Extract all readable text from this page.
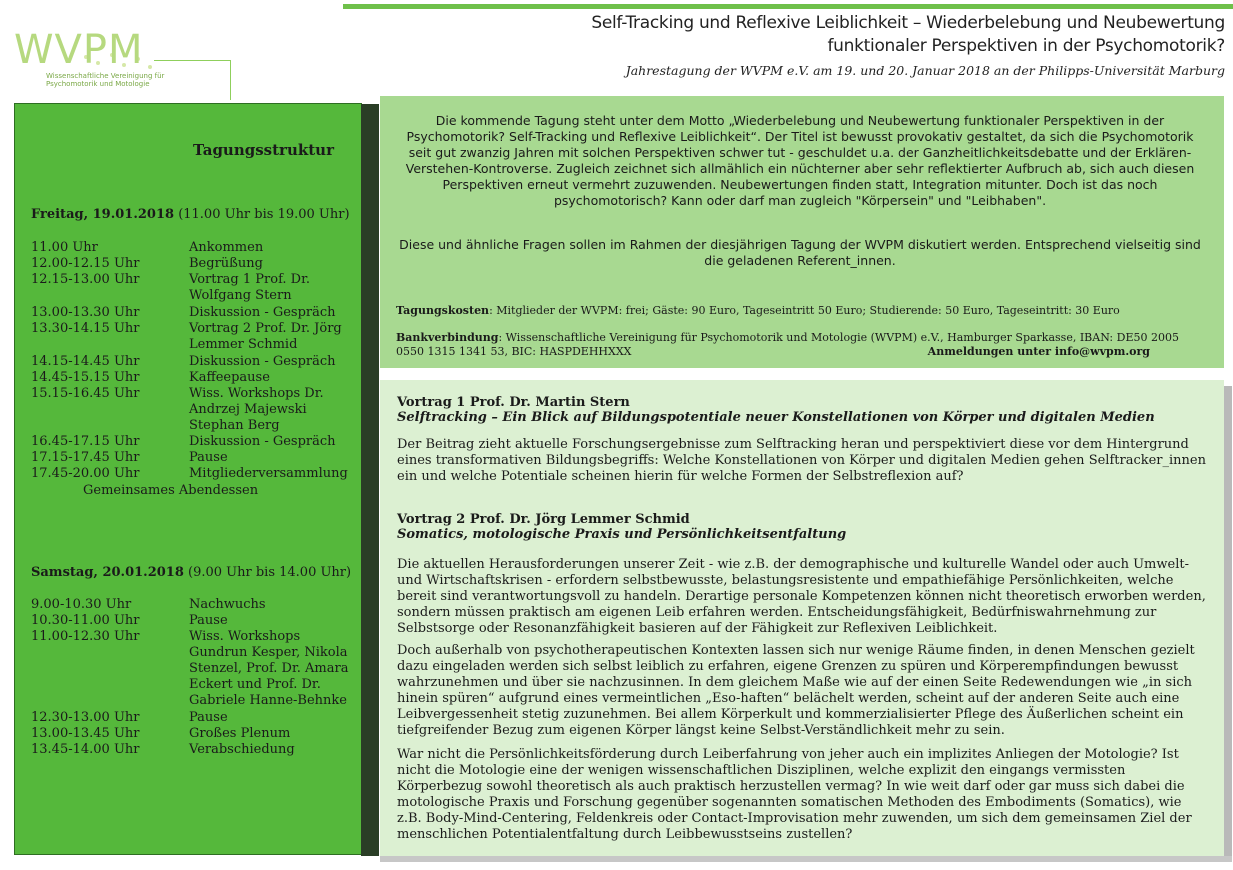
WVPM
Wissenschaftliche Vereinigung für
Psychomotorik und Motologie
Self-Tracking und Reflexive Leiblichkeit – Wiederbelebung und Neubewertung
funktionaler Perspektiven in der Psychomotorik?
Jahrestagung der WVPM e.V. am 19. und 20. Januar 2018 an der Philipps-Universität Marburg
Tagungsstruktur
Freitag, 19.01.2018 (11.00 Uhr bis 19.00 Uhr)
11.00 Uhr	Ankommen
12.00-12.15 Uhr	Begrüßung
12.15-13.00 Uhr	Vortrag 1 Prof. Dr. Wolfgang Stern
13.00-13.30 Uhr	Diskussion - Gespräch
13.30-14.15 Uhr	Vortrag 2 Prof. Dr. Jörg Lemmer Schmid
14.15-14.45 Uhr	Diskussion - Gespräch
14.45-15.15 Uhr	Kaffeepause
15.15-16.45 Uhr	Wiss. Workshops Dr. Andrzej Majewski Stephan Berg
16.45-17.15 Uhr	Diskussion - Gespräch
17.15-17.45 Uhr	Pause
17.45-20.00 Uhr	Mitgliederversammlung
Gemeinsames Abendessen
Samstag, 20.01.2018 (9.00 Uhr bis 14.00 Uhr)
9.00-10.30 Uhr	Nachwuchs
10.30-11.00 Uhr	Pause
11.00-12.30 Uhr	Wiss. Workshops Gundrun Kesper, Nikola Stenzel, Prof. Dr. Amara Eckert und Prof. Dr. Gabriele Hanne-Behnke
12.30-13.00 Uhr	Pause
13.00-13.45 Uhr	Großes Plenum
13.45-14.00 Uhr	Verabschiedung
Die kommende Tagung steht unter dem Motto „Wiederbelebung und Neubewertung funktionaler Perspektiven in der Psychomotorik? Self-Tracking und Reflexive Leiblichkeit“. Der Titel ist bewusst provokativ gestaltet, da sich die Psychomotorik seit gut zwanzig Jahren mit solchen Perspektiven schwer tut - geschuldet u.a. der Ganzheitlichkeitsdebatte und der Erklären-Verstehen-Kontroverse. Zugleich zeichnet sich allmählich ein nüchterner aber sehr reflektierter Aufbruch ab, sich auch diesen Perspektiven erneut vermehrt zuzuwenden. Neubewertungen finden statt, Integration mitunter. Doch ist das noch psychomotorisch? Kann oder darf man zugleich "Körpersein" und "Leibhaben".
Diese und ähnliche Fragen sollen im Rahmen der diesjährigen Tagung der WVPM diskutiert werden. Entsprechend vielseitig sind die geladenen Referent_innen.
Tagungskosten: Mitglieder der WVPM: frei; Gäste: 90 Euro, Tageseintritt 50 Euro; Studierende: 50 Euro, Tageseintritt: 30 Euro
Bankverbindung: Wissenschaftliche Vereinigung für Psychomotorik und Motologie (WVPM) e.V., Hamburger Sparkasse, IBAN: DE50 2005 0550 1315 1341 53, BIC: HASPDEHHXXX	Anmeldungen unter info@wvpm.org
Vortrag 1 Prof. Dr. Martin Stern
Selftracking – Ein Blick auf Bildungspotentiale neuer Konstellationen von Körper und digitalen Medien
Der Beitrag zieht aktuelle Forschungsergebnisse zum Selftracking heran und perspektiviert diese vor dem Hintergrund eines transformativen Bildungsbegriffs: Welche Konstellationen von Körper und digitalen Medien gehen Selftracker_innen ein und welche Potentiale scheinen hierin für welche Formen der Selbstreflexion auf?
Vortrag 2 Prof. Dr. Jörg Lemmer Schmid
Somatics, motologische Praxis und Persönlichkeitsentfaltung
Die aktuellen Herausforderungen unserer Zeit - wie z.B. der demographische und kulturelle Wandel oder auch Umwelt- und Wirtschaftskrisen - erfordern selbstbewusste, belastungsresistente und empathiefähige Persönlichkeiten, welche bereit sind verantwortungsvoll zu handeln. Derartige personale Kompetenzen können nicht theoretisch erworben werden, sondern müssen praktisch am eigenen Leib erfahren werden. Entscheidungsfähigkeit, Bedürfniswahrnehmung zur Selbstsorge oder Resonanzfähigkeit basieren auf der Fähigkeit zur Reflexiven Leiblichkeit.
Doch außerhalb von psychotherapeutischen Kontexten lassen sich nur wenige Räume finden, in denen Menschen gezielt dazu eingeladen werden sich selbst leiblich zu erfahren, eigene Grenzen zu spüren und Körperempfindungen bewusst wahrzunehmen und über sie nachzusinnen. In dem gleichem Maße wie auf der einen Seite Redewendungen wie „in sich hinein spüren“ aufgrund eines vermeintlichen „Eso-haften“ belächelt werden, scheint auf der anderen Seite auch eine Leibvergessenheit stetig zuzunehmen. Bei allem Körperkult und kommerzialisierter Pflege des Äußerlichen scheint ein tiefgreifender Bezug zum eigenen Körper längst keine Selbst-Verständlichkeit mehr zu sein.
War nicht die Persönlichkeitsförderung durch Leiberfahrung von jeher auch ein implizites Anliegen der Motologie? Ist nicht die Motologie eine der wenigen wissenschaftlichen Disziplinen, welche explizit den eingangs vermissten Körperbezug sowohl theoretisch als auch praktisch herzustellen vermag? In wie weit darf oder gar muss sich dabei die motologische Praxis und Forschung gegenüber sogenannten somatischen Methoden des Embodiments (Somatics), wie z.B. Body-Mind-Centering, Feldenkreis oder Contact-Improvisation mehr zuwenden, um sich dem gemeinsamen Ziel der menschlichen Potentialentfaltung durch Leibbewusstseins zustellen?
